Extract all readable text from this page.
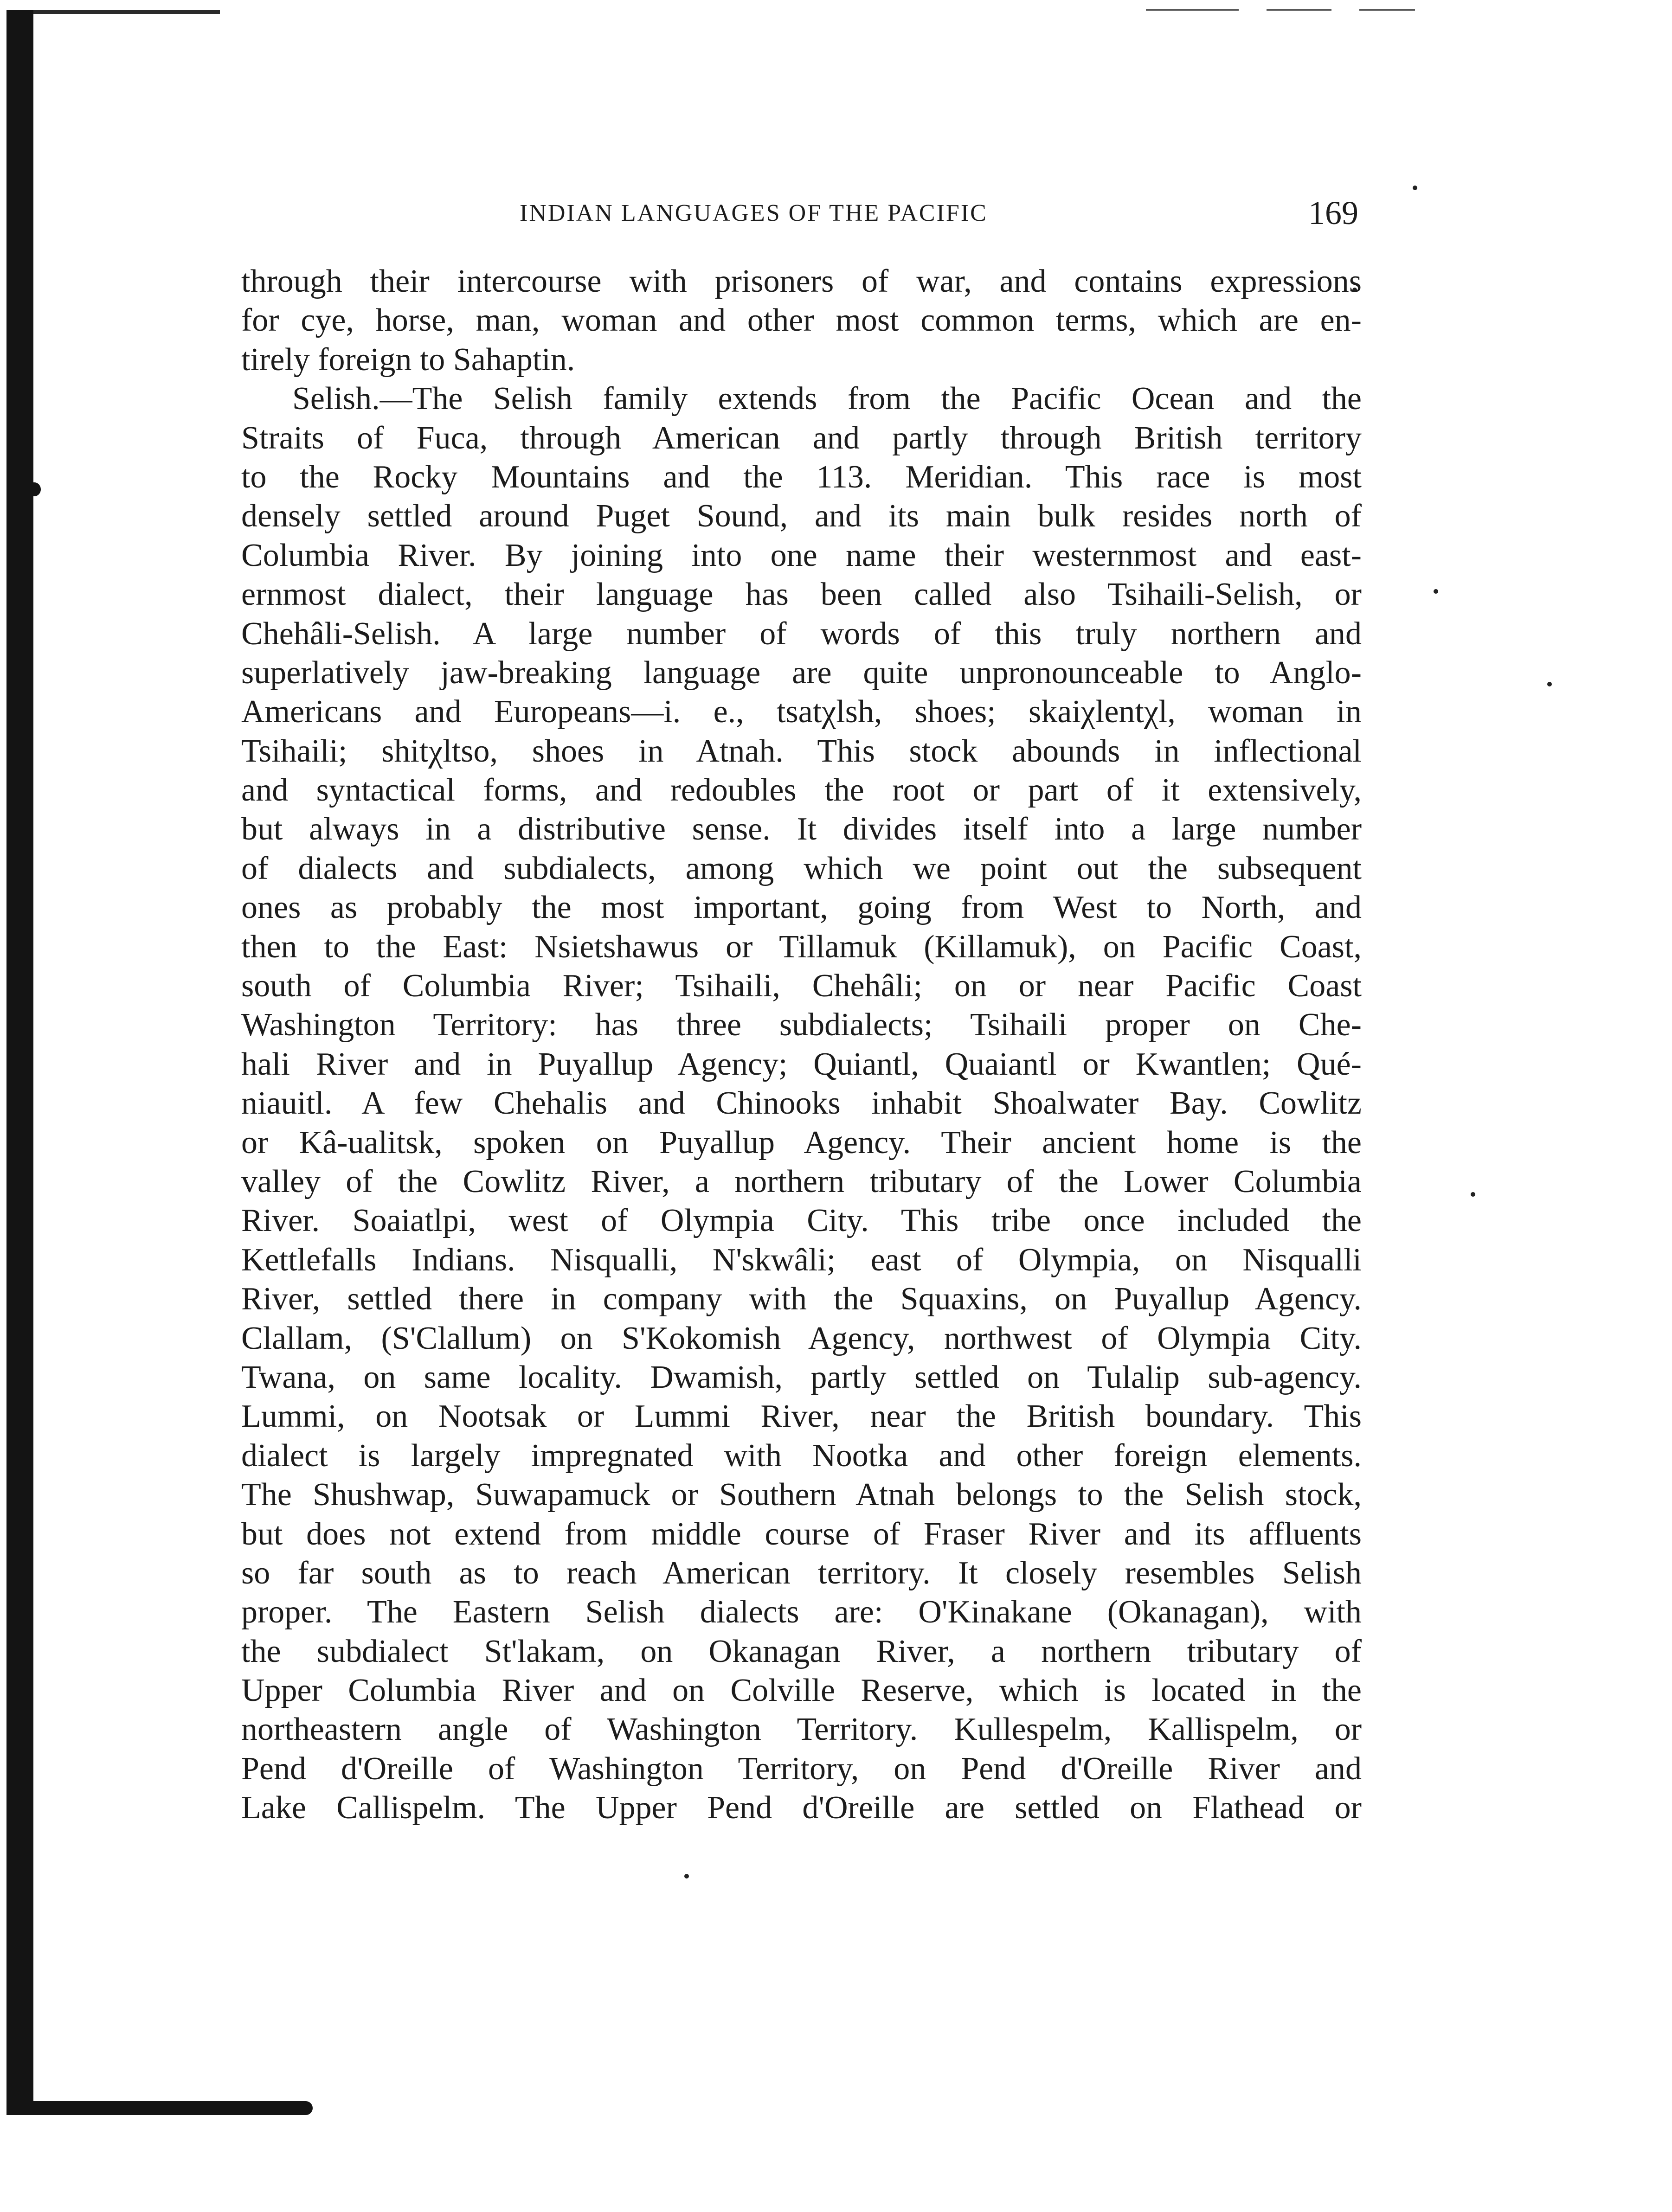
INDIAN LANGUAGES OF THE PACIFIC	169
through their intercourse with prisoners of war, and contains expressions
for cye, horse, man, woman and other most common terms, which are en-
tirely foreign to Sahaptin.
Selish.—The Selish family extends from the Pacific Ocean and the
Straits of Fuca, through American and partly through British territory
to the Rocky Mountains and the 113. Meridian. This race is most
densely settled around Puget Sound, and its main bulk resides north of
Columbia River. By joining into one name their westernmost and east-
ernmost dialect, their language has been called also Tsihaili-Selish, or
Chehâli-Selish. A large number of words of this truly northern and
superlatively jaw-breaking language are quite unpronounceable to Anglo-
Americans and Europeans—i. e., tsatχlsh, shoes; skaiχlentχl, woman in
Tsihaili; shitχltso, shoes in Atnah. This stock abounds in inflectional
and syntactical forms, and redoubles the root or part of it extensively,
but always in a distributive sense. It divides itself into a large number
of dialects and subdialects, among which we point out the subsequent
ones as probably the most important, going from West to North, and
then to the East: Nsietshawus or Tillamuk (Killamuk), on Pacific Coast,
south of Columbia River; Tsihaili, Chehâli; on or near Pacific Coast
Washington Territory: has three subdialects; Tsihaili proper on Che-
hali River and in Puyallup Agency; Quiantl, Quaiantl or Kwantlen; Qué-
niauitl. A few Chehalis and Chinooks inhabit Shoalwater Bay. Cowlitz
or Kâ-ualitsk, spoken on Puyallup Agency. Their ancient home is the
valley of the Cowlitz River, a northern tributary of the Lower Columbia
River. Soaiatlpi, west of Olympia City. This tribe once included the
Kettlefalls Indians. Nisqualli, N'skwâli; east of Olympia, on Nisqualli
River, settled there in company with the Squaxins, on Puyallup Agency.
Clallam, (S'Clallum) on S'Kokomish Agency, northwest of Olympia City.
Twana, on same locality. Dwamish, partly settled on Tulalip sub-agency.
Lummi, on Nootsak or Lummi River, near the British boundary. This
dialect is largely impregnated with Nootka and other foreign elements.
The Shushwap, Suwapamuck or Southern Atnah belongs to the Selish stock,
but does not extend from middle course of Fraser River and its affluents
so far south as to reach American territory. It closely resembles Selish
proper. The Eastern Selish dialects are: O'Kinakane (Okanagan), with
the subdialect St'lakam, on Okanagan River, a northern tributary of
Upper Columbia River and on Colville Reserve, which is located in the
northeastern angle of Washington Territory. Kullespelm, Kallispelm, or
Pend d'Oreille of Washington Territory, on Pend d'Oreille River and
Lake Callispelm. The Upper Pend d'Oreille are settled on Flathead or
